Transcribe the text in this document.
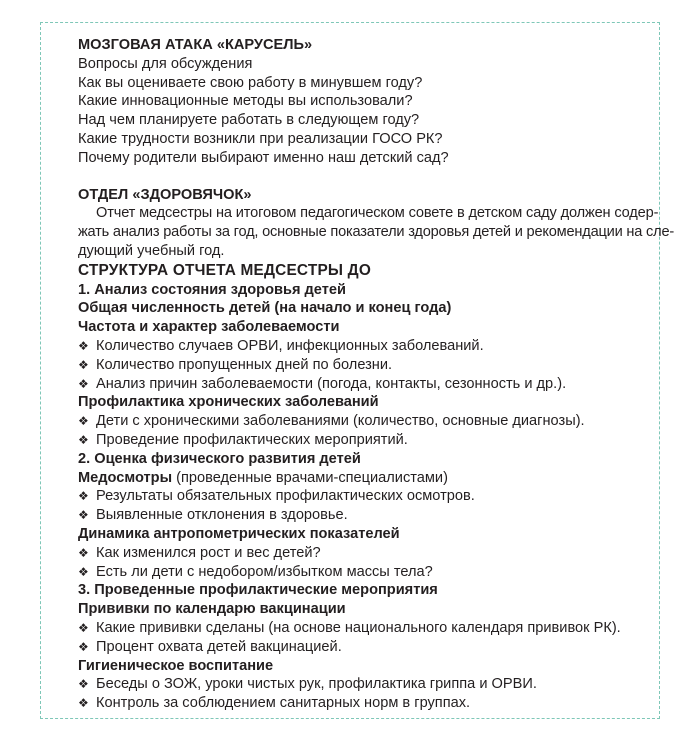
МОЗГОВАЯ АТАКА «КАРУСЕЛЬ»
Вопросы для обсуждения
Как вы оцениваете свою работу в минувшем году?
Какие инновационные методы вы использовали?
Над чем планируете работать в следующем году?
Какие трудности возникли при реализации ГОСО РК?
Почему родители выбирают именно наш детский сад?
ОТДЕЛ «ЗДОРОВЯЧОК»
Отчет медсестры на итоговом педагогическом совете в детском саду должен содер-
жать анализ работы за год, основные показатели здоровья детей и рекомендации на сле-
дующий учебный год.
СТРУКТУРА ОТЧЕТА МЕДСЕСТРЫ ДО
1. Анализ состояния здоровья детей
Общая численность детей (на начало и конец года)
Частота и характер заболеваемости
❖ Количество случаев ОРВИ, инфекционных заболеваний.
❖ Количество пропущенных дней по болезни.
❖ Анализ причин заболеваемости (погода, контакты, сезонность и др.).
Профилактика хронических заболеваний
❖ Дети с хроническими заболеваниями (количество, основные диагнозы).
❖ Проведение профилактических мероприятий.
2. Оценка физического развития детей
Медосмотры (проведенные врачами-специалистами)
❖ Результаты обязательных профилактических осмотров.
❖ Выявленные отклонения в здоровье.
Динамика антропометрических показателей
❖ Как изменился рост и вес детей?
❖ Есть ли дети с недобором/избытком массы тела?
3. Проведенные профилактические мероприятия
Прививки по календарю вакцинации
❖ Какие прививки сделаны (на основе национального календаря прививок РК).
❖ Процент охвата детей вакцинацией.
Гигиеническое воспитание
❖ Беседы о ЗОЖ, уроки чистых рук, профилактика гриппа и ОРВИ.
❖ Контроль за соблюдением санитарных норм в группах.
